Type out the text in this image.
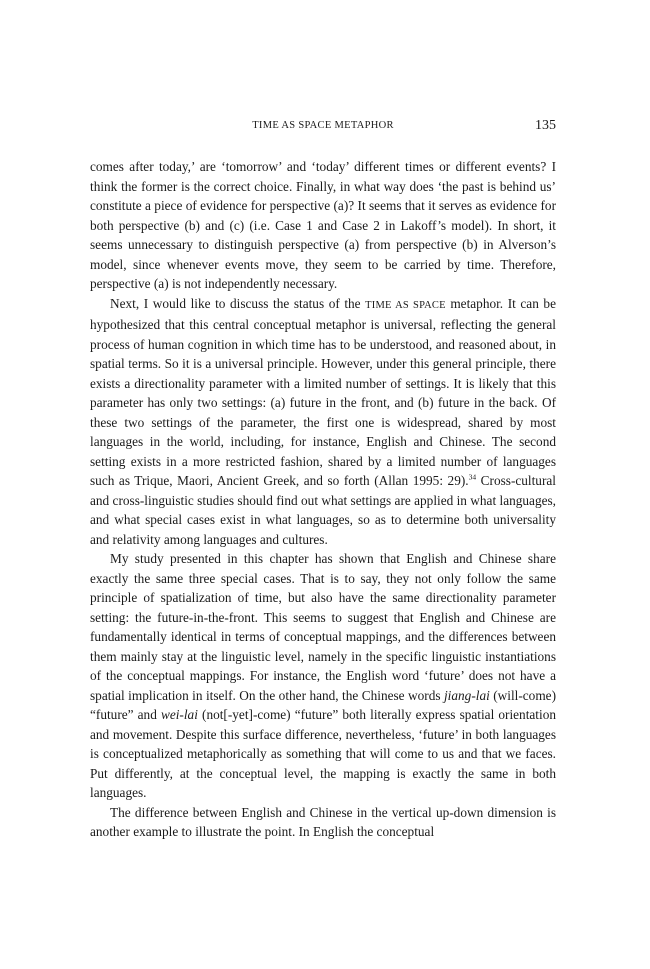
TIME AS SPACE METAPHOR	135

comes after today,’ are ‘tomorrow’ and ‘today’ different times or different events? I think the former is the correct choice. Finally, in what way does ‘the past is behind us’ constitute a piece of evidence for perspective (a)? It seems that it serves as evidence for both perspective (b) and (c) (i.e. Case 1 and Case 2 in Lakoff’s model). In short, it seems unnecessary to distinguish perspective (a) from perspective (b) in Alverson’s model, since whenever events move, they seem to be carried by time. Therefore, perspective (a) is not independently necessary.

Next, I would like to discuss the status of the TIME AS SPACE metaphor. It can be hypothesized that this central conceptual metaphor is universal, reflecting the general process of human cognition in which time has to be understood, and reasoned about, in spatial terms. So it is a universal principle. However, under this general principle, there exists a directionality parameter with a limited number of settings. It is likely that this parameter has only two settings: (a) future in the front, and (b) future in the back. Of these two settings of the parameter, the first one is widespread, shared by most languages in the world, including, for instance, English and Chinese. The second setting exists in a more restricted fashion, shared by a limited number of languages such as Trique, Maori, Ancient Greek, and so forth (Allan 1995: 29).$^{34}$ Cross-cultural and cross-linguistic studies should find out what settings are applied in what languages, and what special cases exist in what languages, so as to determine both universality and relativity among languages and cultures.

My study presented in this chapter has shown that English and Chinese share exactly the same three special cases. That is to say, they not only follow the same principle of spatialization of time, but also have the same directionality parameter setting: the future-in-the-front. This seems to suggest that English and Chinese are fundamentally identical in terms of conceptual mappings, and the differences between them mainly stay at the linguistic level, namely in the specific linguistic instantiations of the conceptual mappings. For instance, the English word ‘future’ does not have a spatial implication in itself. On the other hand, the Chinese words jiang-lai (will-come) “future” and wei-lai (not[-yet]-come) “future” both literally express spatial orientation and movement. Despite this surface difference, nevertheless, ‘future’ in both languages is conceptualized metaphorically as something that will come to us and that we faces. Put differently, at the conceptual level, the mapping is exactly the same in both languages.

The difference between English and Chinese in the vertical up-down dimension is another example to illustrate the point. In English the conceptual
